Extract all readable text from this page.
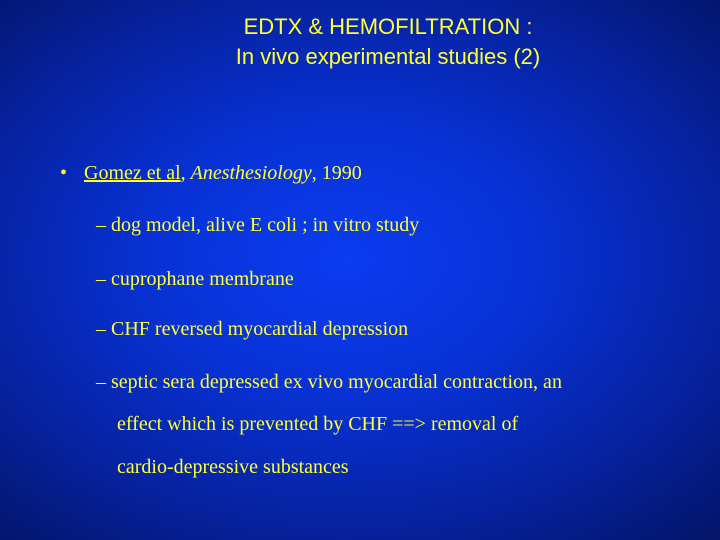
EDTX & HEMOFILTRATION :
In vivo experimental studies (2)
• Gomez et al, Anesthesiology, 1990
– dog model, alive E coli ; in vitro study
– cuprophane membrane
– CHF reversed myocardial depression
– septic sera depressed ex vivo myocardial contraction, an
effect which is prevented by CHF ==> removal of
cardio-depressive substances
